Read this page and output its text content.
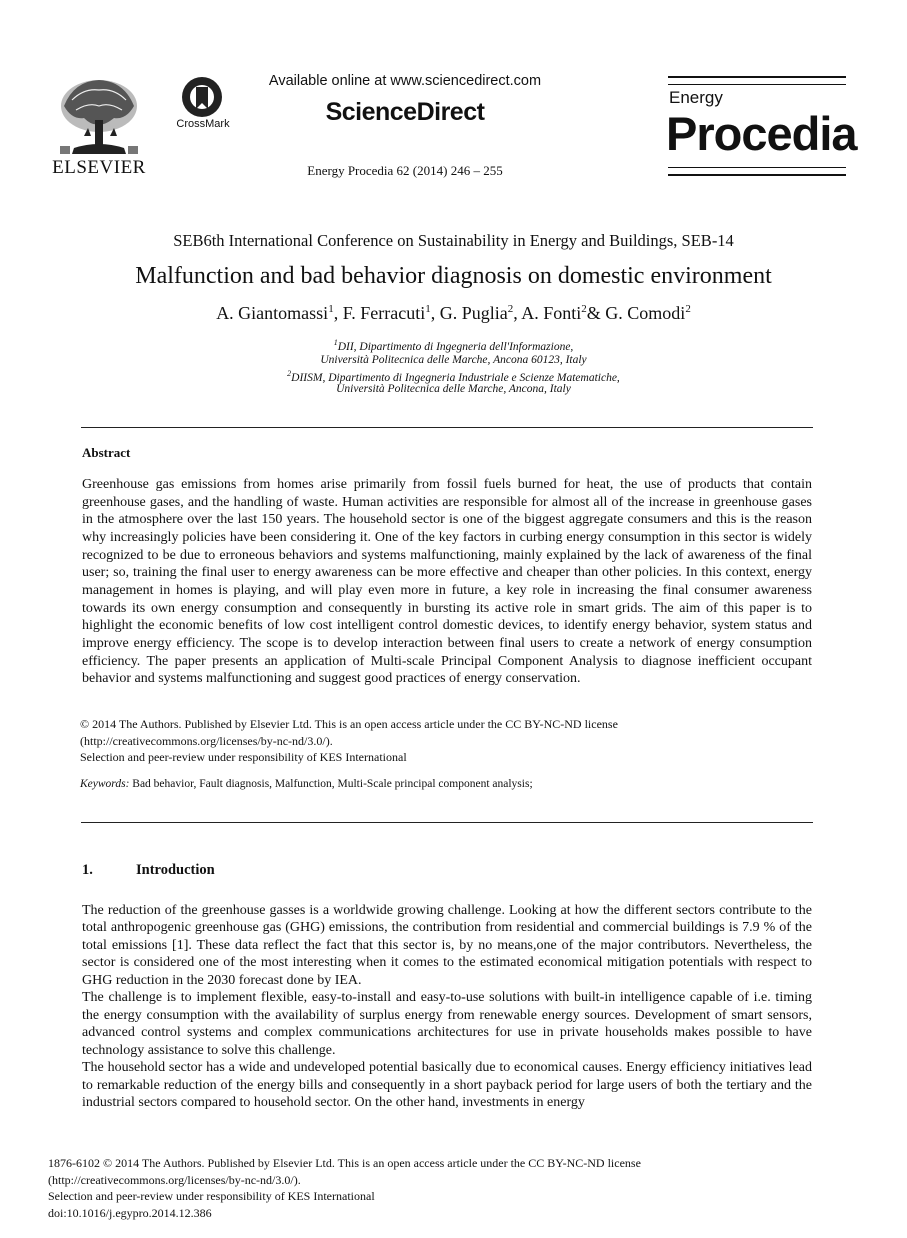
ELSEVIER
CrossMark
Available online at www.sciencedirect.com
ScienceDirect
Energy Procedia 62 (2014) 246 – 255
Energy
Procedia
SEB6th International Conference on Sustainability in Energy and Buildings, SEB-14
Malfunction and bad behavior diagnosis on domestic environment
A. Giantomassi$^1$, F. Ferracuti$^1$, G. Puglia$^2$, A. Fonti$^2$& G. Comodi$^2$
$^1$DII, Dipartimento di Ingegneria dell'Informazione,
Università Politecnica delle Marche, Ancona 60123, Italy
$^2$DIISM, Dipartimento di Ingegneria Industriale e Scienze Matematiche,
Università Politecnica delle Marche, Ancona, Italy
Abstract
Greenhouse gas emissions from homes arise primarily from fossil fuels burned for heat, the use of products that contain greenhouse gases, and the handling of waste. Human activities are responsible for almost all of the increase in greenhouse gases in the atmosphere over the last 150 years. The household sector is one of the biggest aggregate consumers and this is the reason why increasingly policies have been considering it. One of the key factors in curbing energy consumption in this sector is widely recognized to be due to erroneous behaviors and systems malfunctioning, mainly explained by the lack of awareness of the final user; so, training the final user to energy awareness can be more effective and cheaper than other policies. In this context, energy management in homes is playing, and will play even more in future, a key role in increasing the final consumer awareness towards its own energy consumption and consequently in bursting its active role in smart grids. The aim of this paper is to highlight the economic benefits of low cost intelligent control domestic devices, to identify energy behavior, system status and improve energy efficiency. The scope is to develop interaction between final users to create a network of energy consumption efficiency. The paper presents an application of Multi-scale Principal Component Analysis to diagnose inefficient occupant behavior and systems malfunctioning and suggest good practices of energy conservation.
© 2014 The Authors. Published by Elsevier Ltd. This is an open access article under the CC BY-NC-ND license
(http://creativecommons.org/licenses/by-nc-nd/3.0/).
Selection and peer-review under responsibility of KES International
Keywords: Bad behavior, Fault diagnosis, Malfunction, Multi-Scale principal component analysis;
1.	Introduction

The reduction of the greenhouse gasses is a worldwide growing challenge. Looking at how the different sectors contribute to the total anthropogenic greenhouse gas (GHG) emissions, the contribution from residential and commercial buildings is 7.9 % of the total emissions [1]. These data reflect the fact that this sector is, by no means,one of the major contributors. Nevertheless, the sector is considered one of the most interesting when it comes to the estimated economical mitigation potentials with respect to GHG reduction in the 2030 forecast done by IEA.

The challenge is to implement flexible, easy-to-install and easy-to-use solutions with built-in intelligence capable of i.e. timing the energy consumption with the availability of surplus energy from renewable energy sources. Development of smart sensors, advanced control systems and complex communications architectures for use in private households makes possible to have technology assistance to solve this challenge.

The household sector has a wide and undeveloped potential basically due to economical causes. Energy efficiency initiatives lead to remarkable reduction of the energy bills and consequently in a short payback period for large users of both the tertiary and the industrial sectors compared to household sector. On the other hand, investments in energy

1876-6102 © 2014 The Authors. Published by Elsevier Ltd. This is an open access article under the CC BY-NC-ND license
(http://creativecommons.org/licenses/by-nc-nd/3.0/).
Selection and peer-review under responsibility of KES International
doi:10.1016/j.egypro.2014.12.386
